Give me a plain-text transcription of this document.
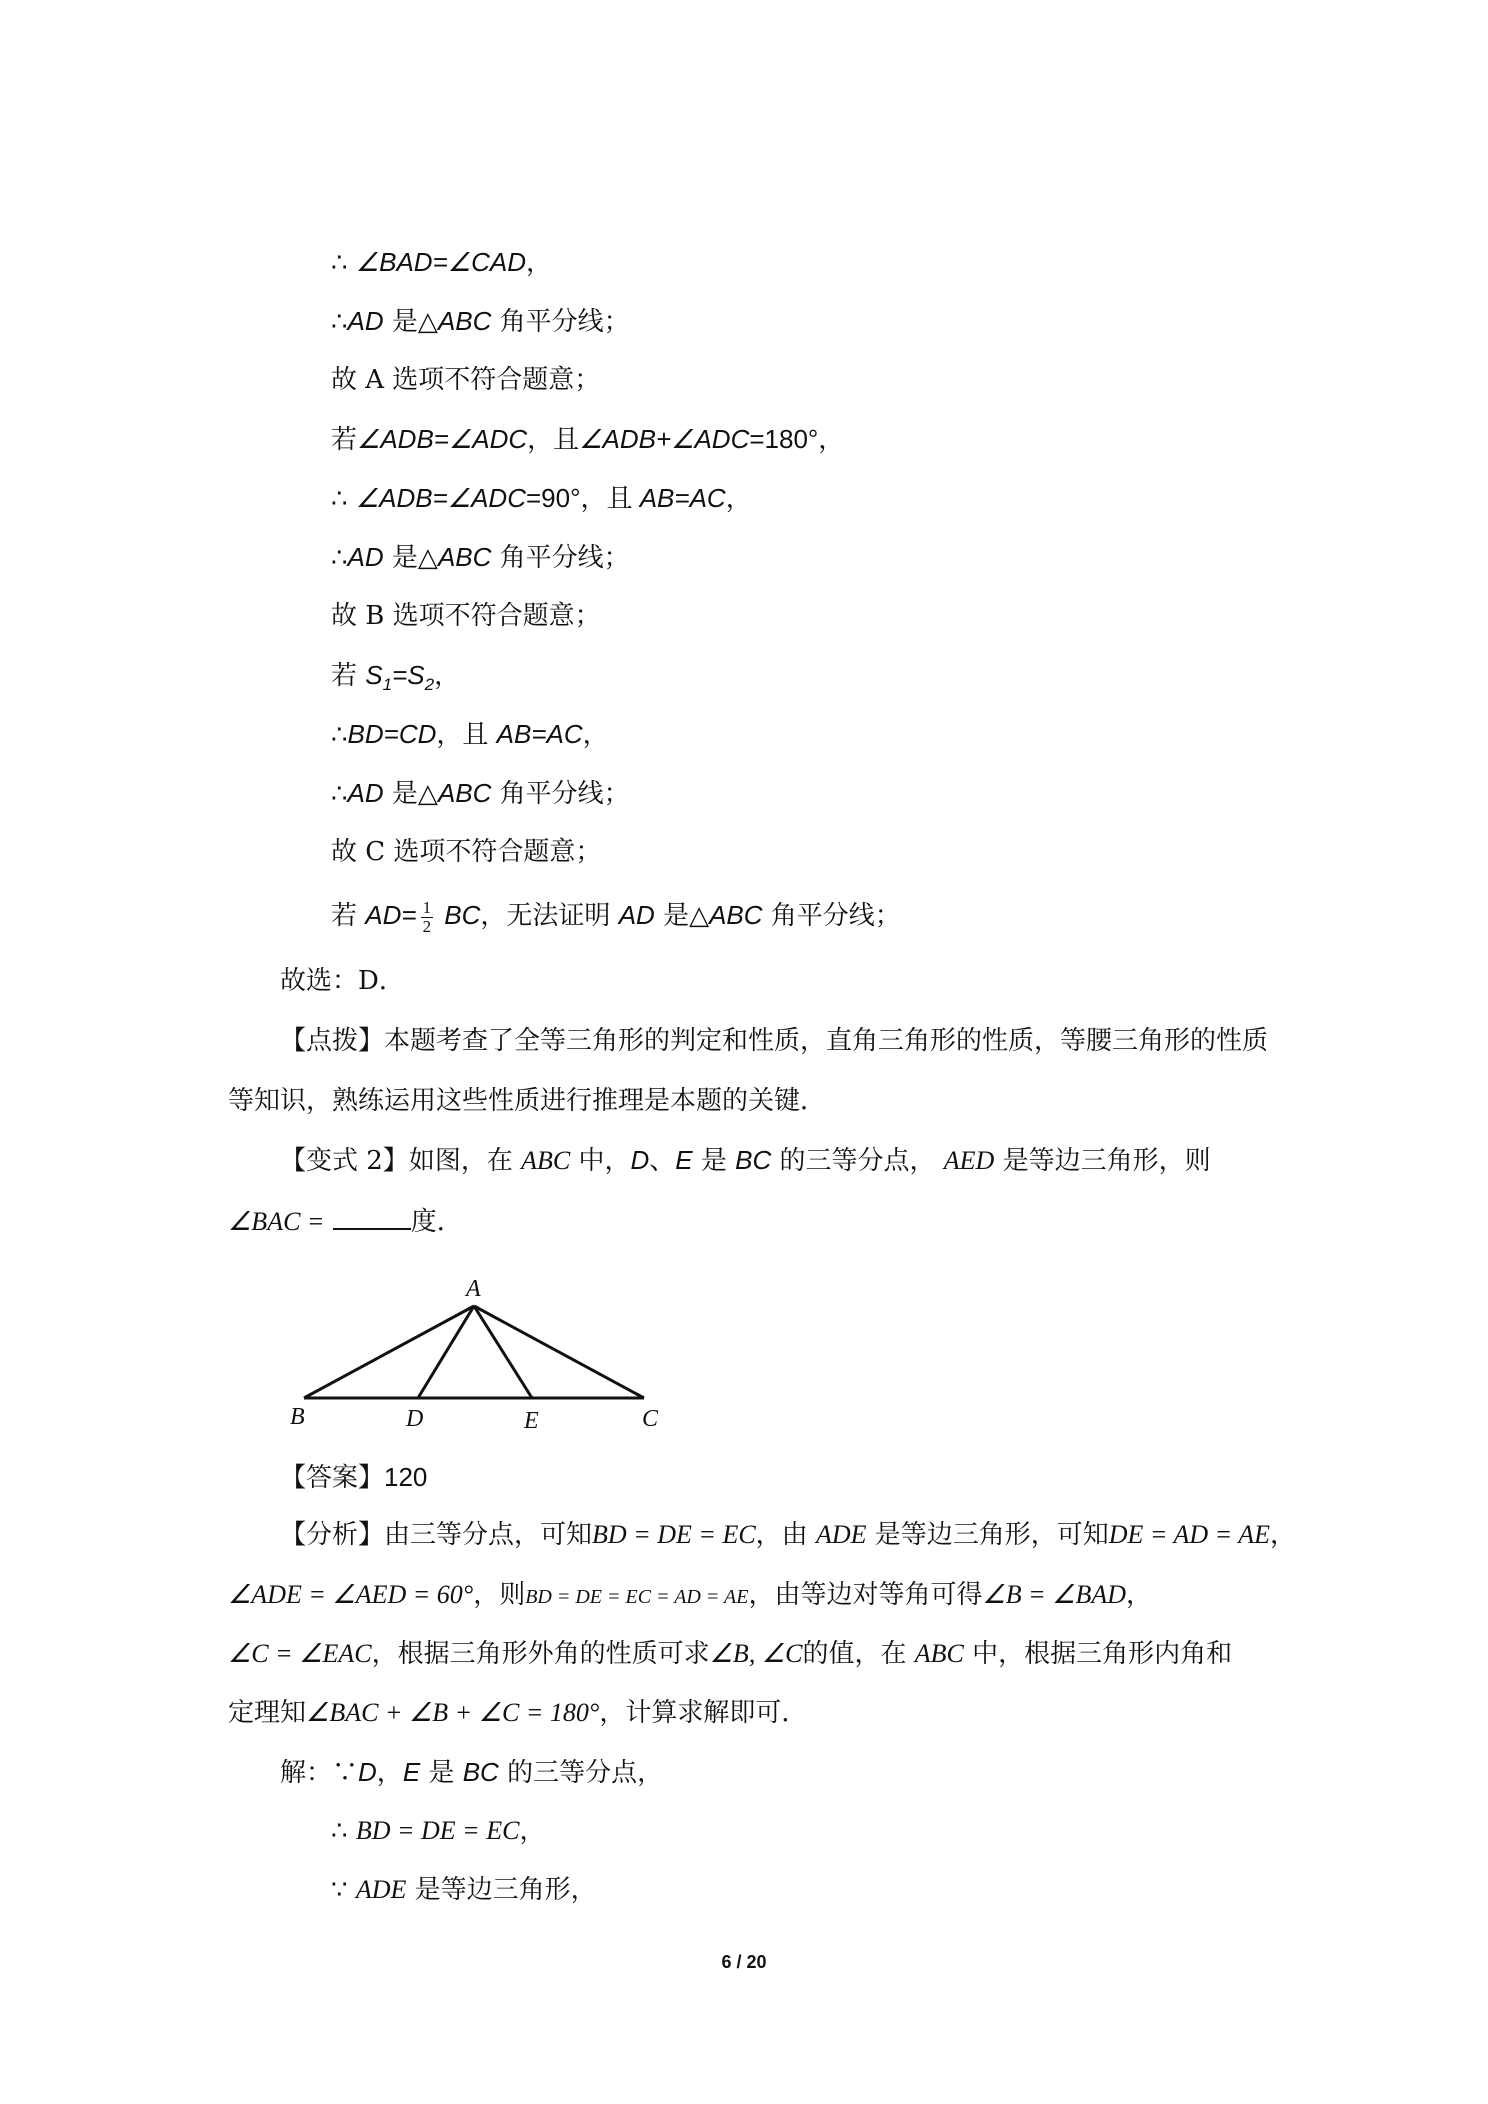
∴ ∠BAD=∠CAD，
∴AD 是△ABC 角平分线；
故 A 选项不符合题意；
若∠ADB=∠ADC，且∠ADB+∠ADC=180°，
∴ ∠ADB=∠ADC=90°，且 AB=AC，
∴AD 是△ABC 角平分线；
故 B 选项不符合题意；
若 $S_1=S_2$，
∴BD=CD，且 AB=AC，
∴AD 是△ABC 角平分线；
故 C 选项不符合题意；
若 $AD= \frac{1}{2}$ BC，无法证明 AD 是△ABC 角平分线；
故选：D．
【点拨】本题考查了全等三角形的判定和性质，直角三角形的性质，等腰三角形的性质
等知识，熟练运用这些性质进行推理是本题的关键．
【变式 2】如图，在 ABC 中，D、E 是 BC 的三等分点， AED 是等边三角形，则
∠BAC =	度．
A
B	D	E	C
【答案】120
【分析】由三等分点，可知BD = DE = EC，由 ADE 是等边三角形，可知DE = AD = AE，
∠ADE = ∠AED = 60°，则BD = DE = EC = AD = AE，由等边对等角可得∠B = ∠BAD，
∠C = ∠EAC，根据三角形外角的性质可求∠B, ∠C的值，在 ABC 中，根据三角形内角和
定理知∠BAC + ∠B + ∠C = 180°，计算求解即可．
解：∵D，E 是 BC 的三等分点，
∴ BD = DE = EC，
∵ ADE 是等边三角形，
6 / 20
